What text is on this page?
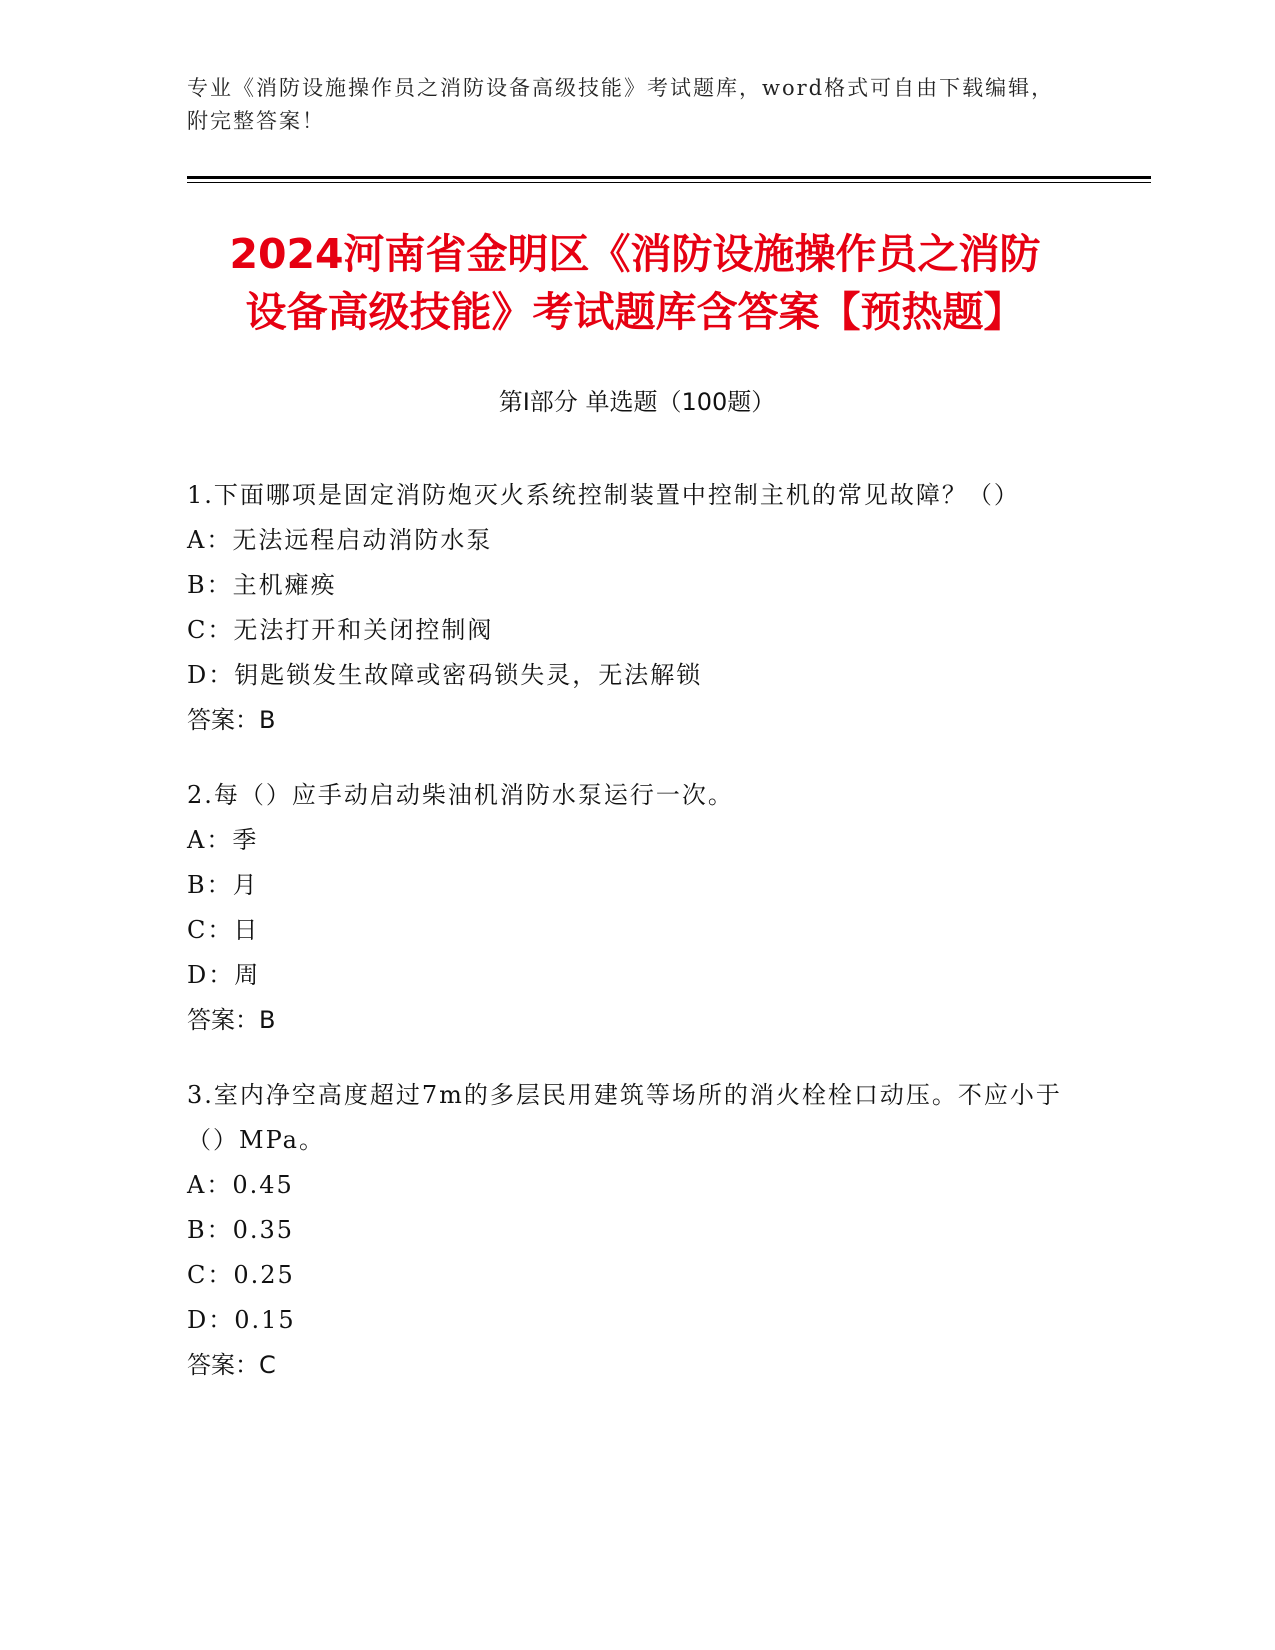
专业《消防设施操作员之消防设备高级技能》考试题库，word格式可自由下载编辑，附完整答案！
2024河南省金明区《消防设施操作员之消防
设备高级技能》考试题库含答案【预热题】
第Ⅰ部分 单选题（100题）
1.下面哪项是固定消防炮灭火系统控制装置中控制主机的常见故障？（）
A： 无法远程启动消防水泵
B： 主机瘫痪
C： 无法打开和关闭控制阀
D： 钥匙锁发生故障或密码锁失灵，无法解锁
答案：B
2.每（）应手动启动柴油机消防水泵运行一次。
A： 季
B： 月
C： 日
D： 周
答案：B
3.室内净空高度超过7m的多层民用建筑等场所的消火栓栓口动压。不应小于（）MPa。
A： 0.45
B： 0.35
C： 0.25
D： 0.15
答案：C
